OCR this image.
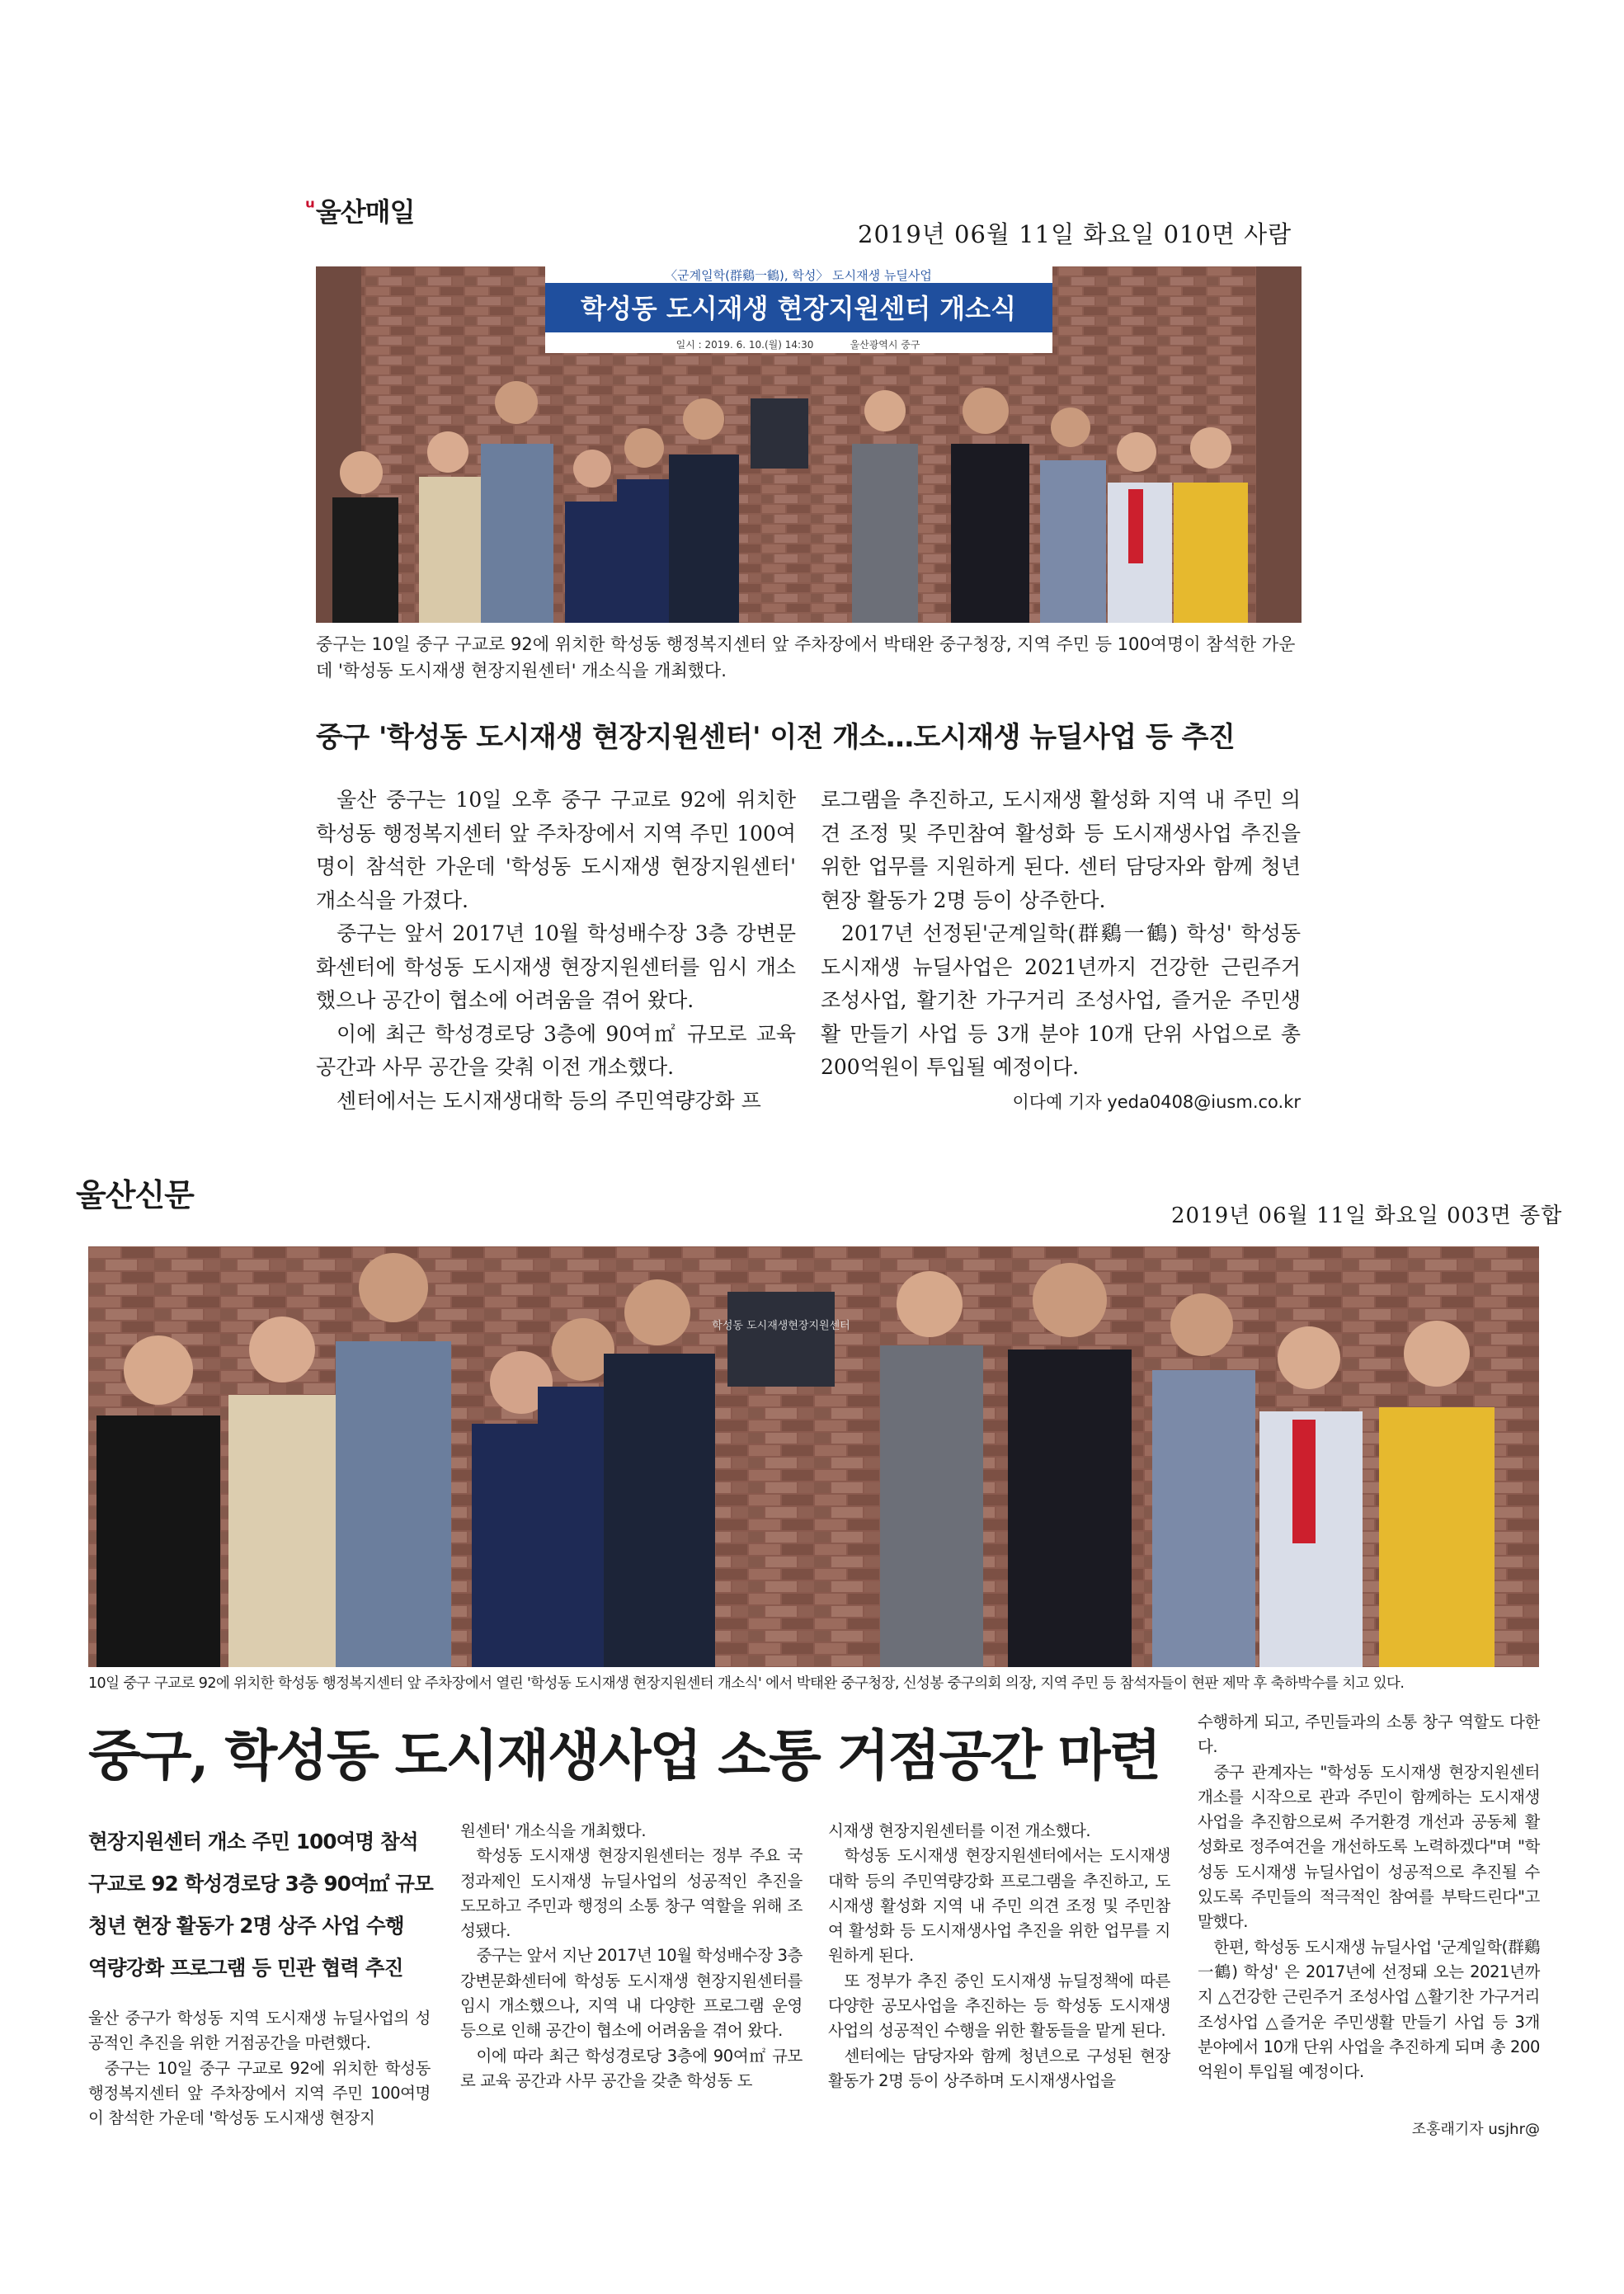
$^ᵘ$울산매일
2019년 06월 11일 화요일 010면 사람
〈군계일학(群鷄一鶴), 학성〉 도시재생 뉴딜사업
학성동 도시재생 현장지원센터 개소식
일시 : 2019. 6. 10.(월) 14:30	울산광역시 중구
중구는 10일 중구 구교로 92에 위치한 학성동 행정복지센터 앞 주차장에서 박태완 중구청장, 지역 주민 등 100여명이 참석한 가운데 '학성동 도시재생 현장지원센터' 개소식을 개최했다.
중구 '학성동 도시재생 현장지원센터' 이전 개소…도시재생 뉴딜사업 등 추진

울산 중구는 10일 오후 중구 구교로 92에 위치한 학성동 행정복지센터 앞 주차장에서 지역 주민 100여명이 참석한 가운데 '학성동 도시재생 현장지원센터' 개소식을 가졌다.

중구는 앞서 2017년 10월 학성배수장 3층 강변문화센터에 학성동 도시재생 현장지원센터를 임시 개소했으나 공간이 협소에 어려움을 겪어 왔다.

이에 최근 학성경로당 3층에 90여㎡ 규모로 교육 공간과 사무 공간을 갖춰 이전 개소했다.

센터에서는 도시재생대학 등의 주민역량강화 프

로그램을 추진하고, 도시재생 활성화 지역 내 주민 의견 조정 및 주민참여 활성화 등 도시재생사업 추진을 위한 업무를 지원하게 된다. 센터 담당자와 함께 청년 현장 활동가 2명 등이 상주한다.

2017년 선정된'군계일학(群鷄一鶴) 학성' 학성동 도시재생 뉴딜사업은 2021년까지 건강한 근린주거 조성사업, 활기찬 가구거리 조성사업, 즐거운 주민생활 만들기 사업 등 3개 분야 10개 단위 사업으로 총 200억원이 투입될 예정이다.

이다예 기자 yeda0408@iusm.co.kr
울산신문
2019년 06월 11일 화요일 003면 종합
학성동 도시재생현장지원센터
10일 중구 구교로 92에 위치한 학성동 행정복지센터 앞 주차장에서 열린 '학성동 도시재생 현장지원센터 개소식' 에서 박태완 중구청장, 신성봉 중구의회 의장, 지역 주민 등 참석자들이 현판 제막 후 축하박수를 치고 있다.
중구, 학성동 도시재생사업 소통 거점공간 마련
현장지원센터 개소 주민 100여명 참석
구교로 92 학성경로당 3층 90여㎡ 규모
청년 현장 활동가 2명 상주 사업 수행
역량강화 프로그램 등 민관 협력 추진

울산 중구가 학성동 지역 도시재생 뉴딜사업의 성공적인 추진을 위한 거점공간을 마련했다.

중구는 10일 중구 구교로 92에 위치한 학성동 행정복지센터 앞 주차장에서 지역 주민 100여명이 참석한 가운데 '학성동 도시재생 현장지

원센터' 개소식을 개최했다.

학성동 도시재생 현장지원센터는 정부 주요 국정과제인 도시재생 뉴딜사업의 성공적인 추진을 도모하고 주민과 행정의 소통 창구 역할을 위해 조성됐다.

중구는 앞서 지난 2017년 10월 학성배수장 3층 강변문화센터에 학성동 도시재생 현장지원센터를 임시 개소했으나, 지역 내 다양한 프로그램 운영 등으로 인해 공간이 협소에 어려움을 겪어 왔다.

이에 따라 최근 학성경로당 3층에 90여㎡ 규모로 교육 공간과 사무 공간을 갖춘 학성동 도

시재생 현장지원센터를 이전 개소했다.

학성동 도시재생 현장지원센터에서는 도시재생대학 등의 주민역량강화 프로그램을 추진하고, 도시재생 활성화 지역 내 주민 의견 조정 및 주민참여 활성화 등 도시재생사업 추진을 위한 업무를 지원하게 된다.

또 정부가 추진 중인 도시재생 뉴딜정책에 따른 다양한 공모사업을 추진하는 등 학성동 도시재생 사업의 성공적인 수행을 위한 활동들을 맡게 된다.

센터에는 담당자와 함께 청년으로 구성된 현장 활동가 2명 등이 상주하며 도시재생사업을

수행하게 되고, 주민들과의 소통 창구 역할도 다한다.

중구 관계자는 "학성동 도시재생 현장지원센터 개소를 시작으로 관과 주민이 함께하는 도시재생사업을 추진함으로써 주거환경 개선과 공동체 활성화로 정주여건을 개선하도록 노력하겠다"며 "학성동 도시재생 뉴딜사업이 성공적으로 추진될 수 있도록 주민들의 적극적인 참여를 부탁드린다"고 말했다.

한편, 학성동 도시재생 뉴딜사업 '군계일학(群鷄一鶴) 학성' 은 2017년에 선정돼 오는 2021년까지 △건강한 근린주거 조성사업 △활기찬 가구거리 조성사업 △즐거운 주민생활 만들기 사업 등 3개 분야에서 10개 단위 사업을 추진하게 되며 총 200억원이 투입될 예정이다.

조홍래기자 usjhr@
